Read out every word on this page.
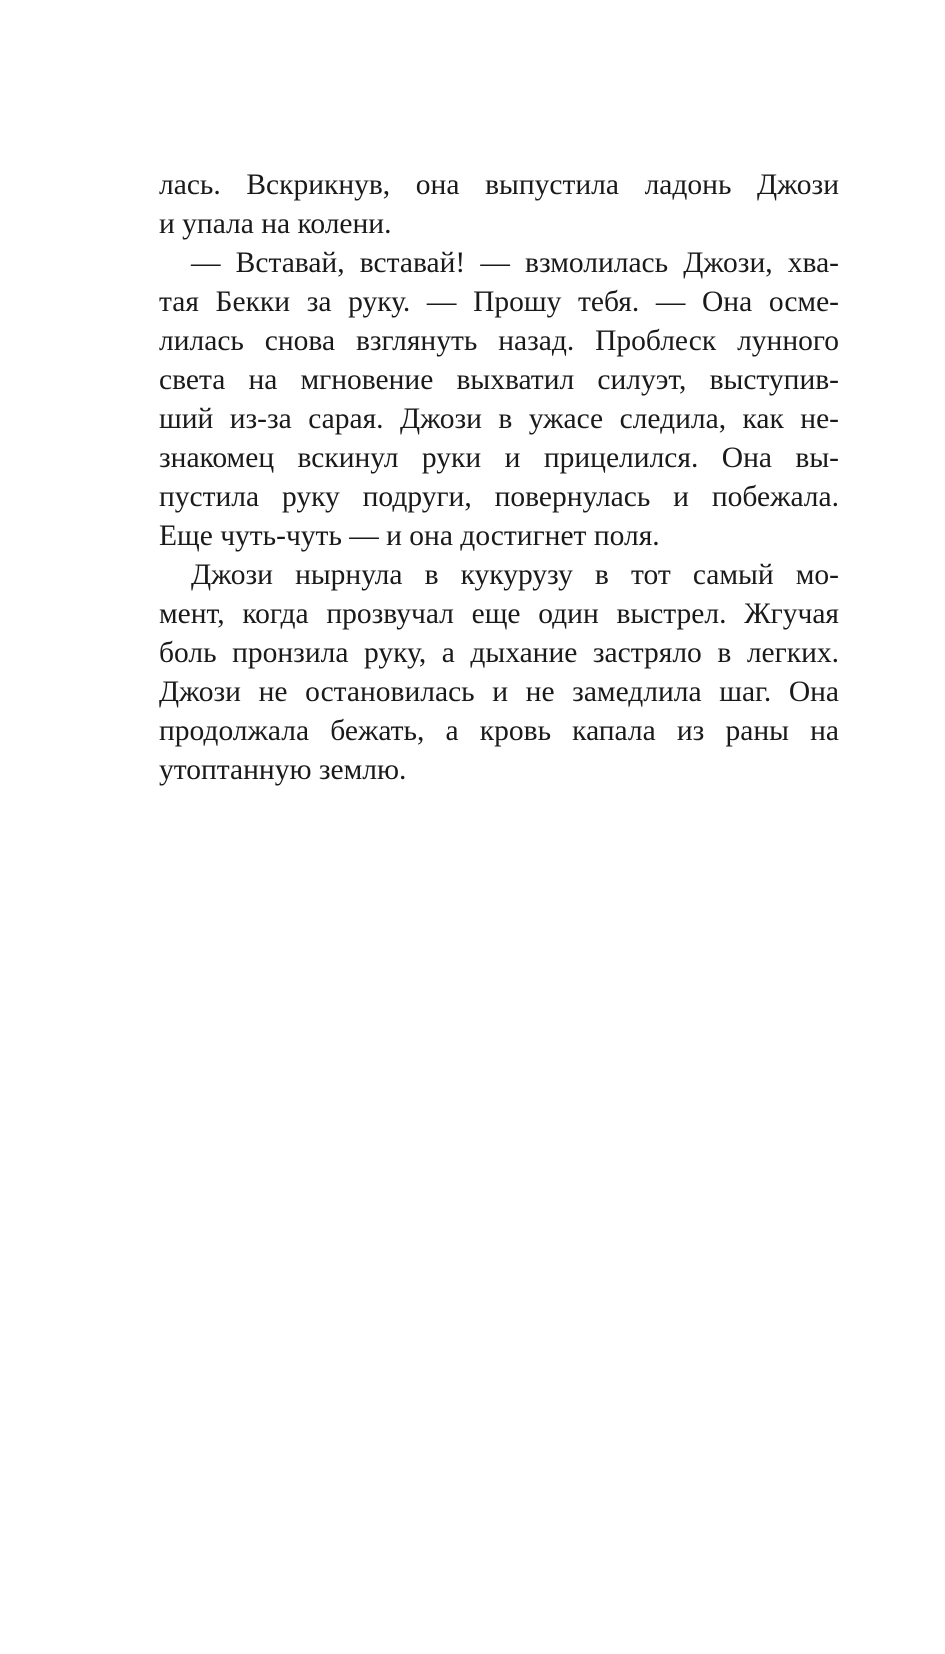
лась. Вскрикнув, она выпустила ладонь Джози
и упала на колени.
— Вставай, вставай! — взмолилась Джози, хва-
тая Бекки за руку. — Прошу тебя. — Она осме-
лилась снова взглянуть назад. Проблеск лунного
света на мгновение выхватил силуэт, выступив-
ший из-за сарая. Джози в ужасе следила, как не-
знакомец вскинул руки и прицелился. Она вы-
пустила руку подруги, повернулась и побежала.
Еще чуть-чуть — и она достигнет поля.
Джози нырнула в кукурузу в тот самый мо-
мент, когда прозвучал еще один выстрел. Жгучая
боль пронзила руку, а дыхание застряло в легких.
Джози не остановилась и не замедлила шаг. Она
продолжала бежать, а кровь капала из раны на
утоптанную землю.
